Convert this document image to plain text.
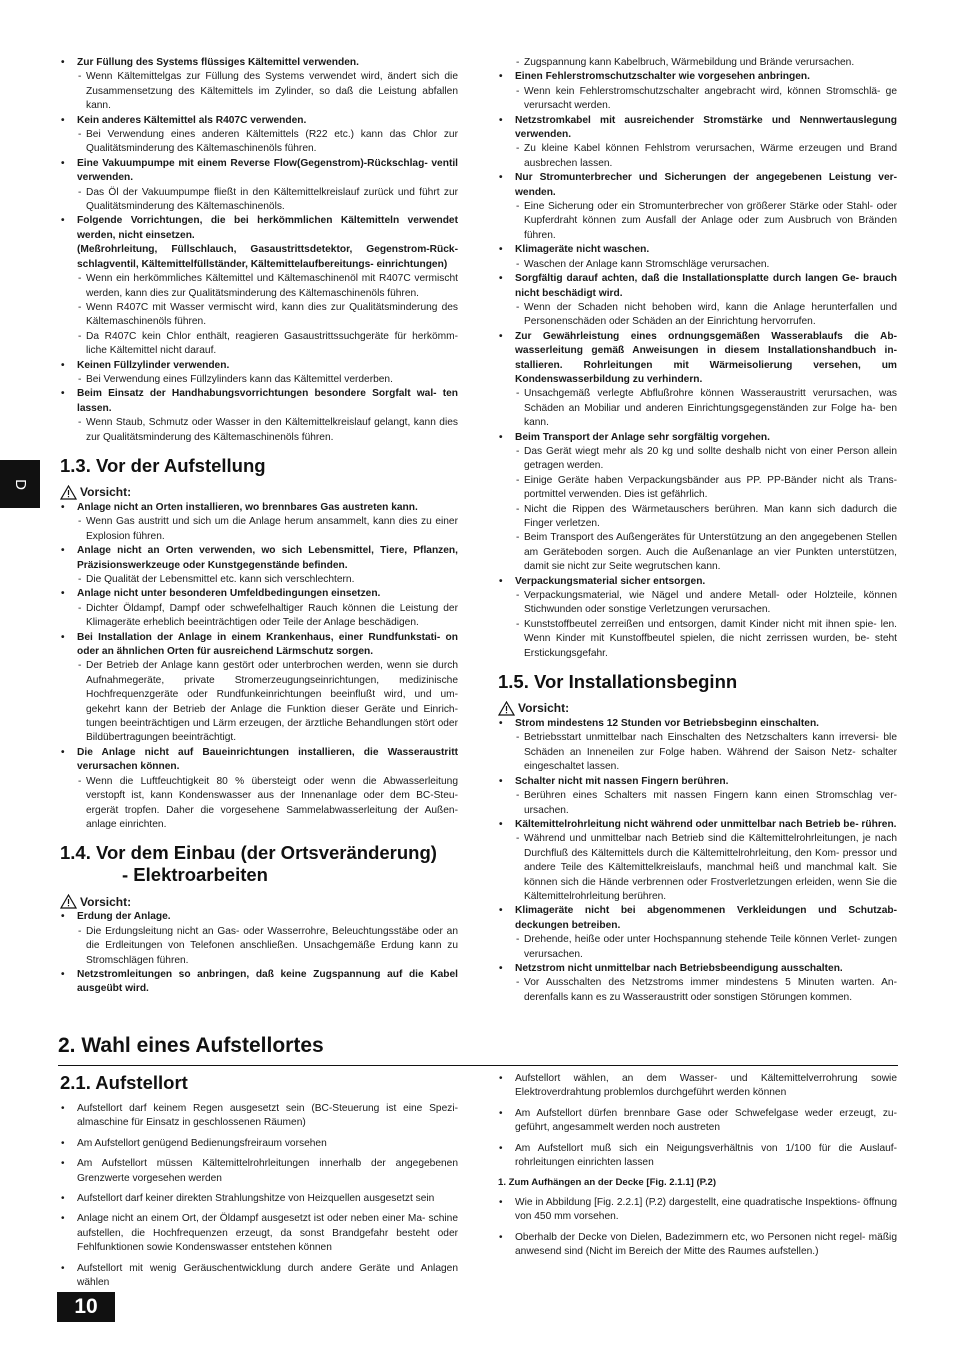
D
• Zur Füllung des Systems flüssiges Kältemittel verwenden.
- Wenn Kältemittelgas zur Füllung des Systems verwendet wird, ändert sich die Zusammensetzung des Kältemittels im Zylinder, so daß die Leistung abfallen kann.
• Kein anderes Kältemittel als R407C verwenden.
- Bei Verwendung eines anderen Kältemittels (R22 etc.) kann das Chlor zur Qualitätsminderung des Kältemaschinenöls führen.
• Eine Vakuumpumpe mit einem Reverse Flow(Gegenstrom)-Rückschlag- ventil verwenden.
- Das Öl der Vakuumpumpe fließt in den Kältemittelkreislauf zurück und führt zur Qualitätsminderung des Kältemaschinenöls.
• Folgende Vorrichtungen, die bei herkömmlichen Kältemitteln verwendet werden, nicht einsetzen.
(Meßrohrleitung, Füllschlauch, Gasaustrittsdetektor, Gegenstrom-Rück- schlagventil, Kältemittelfüllständer, Kältemittelaufbereitungs- einrichtungen)
- Wenn ein herkömmliches Kältemittel und Kältemaschinenöl mit R407C vermischt werden, kann dies zur Qualitätsminderung des Kältemaschinenöls führen.
- Wenn R407C mit Wasser vermischt wird, kann dies zur Qualitätsminderung des Kältemaschinenöls führen.
- Da R407C kein Chlor enthält, reagieren Gasaustrittssuchgeräte für herkömm- liche Kältemittel nicht darauf.
• Keinen Füllzylinder verwenden.
- Bei Verwendung eines Füllzylinders kann das Kältemittel verderben.
• Beim Einsatz der Handhabungsvorrichtungen besondere Sorgfalt wal- ten lassen.
- Wenn Staub, Schmutz oder Wasser in den Kältemittelkreislauf gelangt, kann dies zur Qualitätsminderung des Kältemaschinenöls führen.
1.3. Vor der Aufstellung
Vorsicht:
• Anlage nicht an Orten installieren, wo brennbares Gas austreten kann.
- Wenn Gas austritt und sich um die Anlage herum ansammelt, kann dies zu einer Explosion führen.
• Anlage nicht an Orten verwenden, wo sich Lebensmittel, Tiere, Pflanzen, Präzisionswerkzeuge oder Kunstgegenstände befinden.
- Die Qualität der Lebensmittel etc. kann sich verschlechtern.
• Anlage nicht unter besonderen Umfeldbedingungen einsetzen.
- Dichter Öldampf, Dampf oder schwefelhaltiger Rauch können die Leistung der Klimageräte erheblich beeinträchtigen oder Teile der Anlage beschädigen.
• Bei Installation der Anlage in einem Krankenhaus, einer Rundfunkstati- on oder an ähnlichen Orten für ausreichend Lärmschutz sorgen.
- Der Betrieb der Anlage kann gestört oder unterbrochen werden, wenn sie durch Aufnahmegeräte, private Stromerzeugungseinrichtungen, medizinische Hochfrequenzgeräte oder Rundfunkeinrichtungen beeinflußt wird, und um- gekehrt kann der Betrieb der Anlage die Funktion dieser Geräte und Einrich- tungen beeinträchtigen und Lärm erzeugen, der ärztliche Behandlungen stört oder Bildübertragungen beeinträchtigt.
• Die Anlage nicht auf Baueinrichtungen installieren, die Wasseraustritt verursachen können.
- Wenn die Luftfeuchtigkeit 80 % übersteigt oder wenn die Abwasserleitung verstopft ist, kann Kondenswasser aus der Innenanlage oder dem BC-Steu- ergerät tropfen. Daher die vorgesehene Sammelabwasserleitung der Außen- anlage einrichten.
1.4. Vor dem Einbau (der Ortsveränderung)
- Elektroarbeiten
Vorsicht:
• Erdung der Anlage.
- Die Erdungsleitung nicht an Gas- oder Wasserrohre, Beleuchtungsstäbe oder an die Erdleitungen von Telefonen anschließen. Unsachgemäße Erdung kann zu Stromschlägen führen.
• Netzstromleitungen so anbringen, daß keine Zugspannung auf die Kabel ausgeübt wird.
- Zugspannung kann Kabelbruch, Wärmebildung und Brände verursachen.
• Einen Fehlerstromschutzschalter wie vorgesehen anbringen.
- Wenn kein Fehlerstromschutzschalter angebracht wird, können Stromschlä- ge verursacht werden.
• Netzstromkabel mit ausreichender Stromstärke und Nennwertauslegung verwenden.
- Zu kleine Kabel können Fehlstrom verursachen, Wärme erzeugen und Brand ausbrechen lassen.
• Nur Stromunterbrecher und Sicherungen der angegebenen Leistung ver- wenden.
- Eine Sicherung oder ein Stromunterbrecher von größerer Stärke oder Stahl- oder Kupferdraht können zum Ausfall der Anlage oder zum Ausbruch von Bränden führen.
• Klimageräte nicht waschen.
- Waschen der Anlage kann Stromschläge verursachen.
• Sorgfältig darauf achten, daß die Installationsplatte durch langen Ge- brauch nicht beschädigt wird.
- Wenn der Schaden nicht behoben wird, kann die Anlage herunterfallen und Personenschäden oder Schäden an der Einrichtung hervorrufen.
• Zur Gewährleistung eines ordnungsgemäßen Wasserablaufs die Ab- wasserleitung gemäß Anweisungen in diesem Installationshandbuch in- stallieren. Rohrleitungen mit Wärmeisolierung versehen, um Kondenswasserbildung zu verhindern.
- Unsachgemäß verlegte Abflußrohre können Wasseraustritt verursachen, was Schäden an Mobiliar und anderen Einrichtungsgegenständen zur Folge ha- ben kann.
• Beim Transport der Anlage sehr sorgfältig vorgehen.
- Das Gerät wiegt mehr als 20 kg und sollte deshalb nicht von einer Person allein getragen werden.
- Einige Geräte haben Verpackungsbänder aus PP. PP-Bänder nicht als Trans- portmittel verwenden. Dies ist gefährlich.
- Nicht die Rippen des Wärmetauschers berühren. Man kann sich dadurch die Finger verletzen.
- Beim Transport des Außengerätes für Unterstützung an den angegebenen Stellen am Geräteboden sorgen. Auch die Außenanlage an vier Punkten unterstützen, damit sie nicht zur Seite wegrutschen kann.
• Verpackungsmaterial sicher entsorgen.
- Verpackungsmaterial, wie Nägel und andere Metall- oder Holzteile, können Stichwunden oder sonstige Verletzungen verursachen.
- Kunststoffbeutel zerreißen und entsorgen, damit Kinder nicht mit ihnen spie- len. Wenn Kinder mit Kunstoffbeutel spielen, die nicht zerrissen wurden, be- steht Erstickungsgefahr.
1.5. Vor Installationsbeginn
Vorsicht:
• Strom mindestens 12 Stunden vor Betriebsbeginn einschalten.
- Betriebsstart unmittelbar nach Einschalten des Netzschalters kann irreversi- ble Schäden an Inneneilen zur Folge haben. Während der Saison Netz- schalter eingeschaltet lassen.
• Schalter nicht mit nassen Fingern berühren.
- Berühren eines Schalters mit nassen Fingern kann einen Stromschlag ver- ursachen.
• Kältemittelrohrleitung nicht während oder unmittelbar nach Betrieb be- rühren.
- Während und unmittelbar nach Betrieb sind die Kältemittelrohrleitungen, je nach Durchfluß des Kältemittels durch die Kältemittelrohrleitung, den Kom- pressor und andere Teile des Kältemittelkreislaufs, manchmal heiß und manchmal kalt. Sie können sich die Hände verbrennen oder Frostverletzungen erleiden, wenn Sie die Kältemittelrohrleitung berühren.
• Klimageräte nicht bei abgenommenen Verkleidungen und Schutzab- deckungen betreiben.
- Drehende, heiße oder unter Hochspannung stehende Teile können Verlet- zungen verursachen.
• Netzstrom nicht unmittelbar nach Betriebsbeendigung ausschalten.
- Vor Ausschalten des Netzstroms immer mindestens 5 Minuten warten. An- derenfalls kann es zu Wasseraustritt oder sonstigen Störungen kommen.
2. Wahl eines Aufstellortes
2.1. Aufstellort
• Aufstellort darf keinem Regen ausgesetzt sein (BC-Steuerung ist eine Spezi- almaschine für Einsatz in geschlossenen Räumen)
• Am Aufstellort genügend Bedienungsfreiraum vorsehen
• Am Aufstellort müssen Kältemittelrohrleitungen innerhalb der angegebenen Grenzwerte vorgesehen werden
• Aufstellort darf keiner direkten Strahlungshitze von Heizquellen ausgesetzt sein
• Anlage nicht an einem Ort, der Öldampf ausgesetzt ist oder neben einer Ma- schine aufstellen, die Hochfrequenzen erzeugt, da sonst Brandgefahr besteht oder Fehlfunktionen sowie Kondenswasser entstehen können
• Aufstellort mit wenig Geräuschentwicklung durch andere Geräte und Anlagen wählen
• Aufstellort wählen, an dem Wasser- und Kältemittelverrohrung sowie Elektroverdrahtung problemlos durchgeführt werden können
• Am Aufstellort dürfen brennbare Gase oder Schwefelgase weder erzeugt, zu- geführt, angesammelt werden noch austreten
• Am Aufstellort muß sich ein Neigungsverhältnis von 1/100 für die Auslauf- rohrleitungen einrichten lassen
1. Zum Aufhängen an der Decke [Fig. 2.1.1] (P.2)
• Wie in Abbildung [Fig. 2.2.1] (P.2) dargestellt, eine quadratische Inspektions- öffnung von 450 mm vorsehen.
• Oberhalb der Decke von Dielen, Badezimmern etc, wo Personen nicht regel- mäßig anwesend sind (Nicht im Bereich der Mitte des Raumes aufstellen.)
10
